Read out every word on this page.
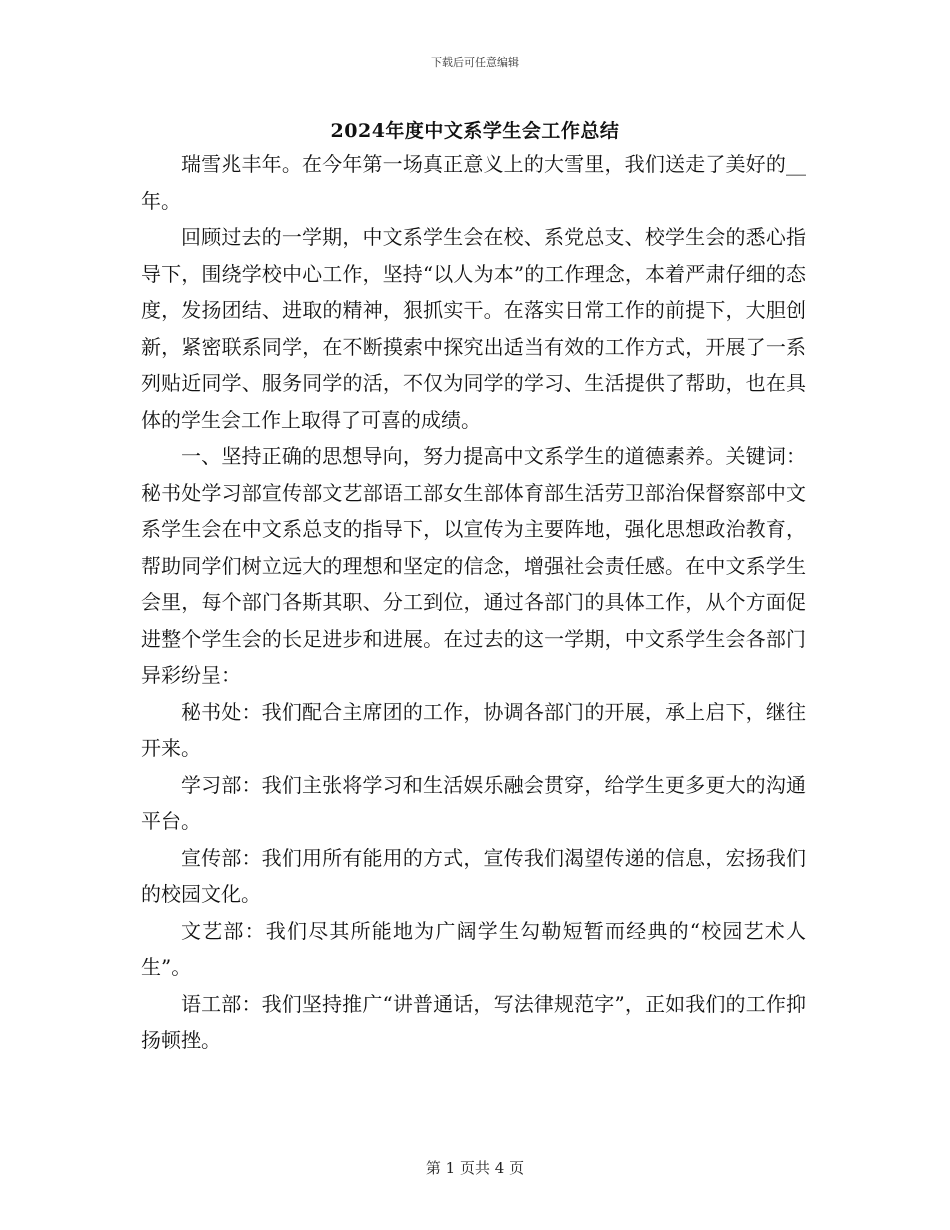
下载后可任意编辑
2024年度中文系学生会工作总结

瑞雪兆丰年。在今年第一场真正意义上的大雪里，我们送走了美好的__年。

回顾过去的一学期，中文系学生会在校、系党总支、校学生会的悉心指导下，围绕学校中心工作，坚持“以人为本”的工作理念，本着严肃仔细的态度，发扬团结、进取的精神，狠抓实干。在落实日常工作的前提下，大胆创新，紧密联系同学，在不断摸索中探究出适当有效的工作方式，开展了一系列贴近同学、服务同学的活，不仅为同学的学习、生活提供了帮助，也在具体的学生会工作上取得了可喜的成绩。

一、坚持正确的思想导向，努力提高中文系学生的道德素养。关键词：秘书处学习部宣传部文艺部语工部女生部体育部生活劳卫部治保督察部中文系学生会在中文系总支的指导下，以宣传为主要阵地，强化思想政治教育，帮助同学们树立远大的理想和坚定的信念，增强社会责任感。在中文系学生会里，每个部门各斯其职、分工到位，通过各部门的具体工作，从个方面促进整个学生会的长足进步和进展。在过去的这一学期，中文系学生会各部门异彩纷呈：

秘书处：我们配合主席团的工作，协调各部门的开展，承上启下，继往开来。

学习部：我们主张将学习和生活娱乐融会贯穿，给学生更多更大的沟通平台。

宣传部：我们用所有能用的方式，宣传我们渴望传递的信息，宏扬我们的校园文化。

文艺部：我们尽其所能地为广阔学生勾勒短暂而经典的“校园艺术人生”。

语工部：我们坚持推广“讲普通话，写法律规范字”，正如我们的工作抑扬顿挫。

第 1 页共 4 页
